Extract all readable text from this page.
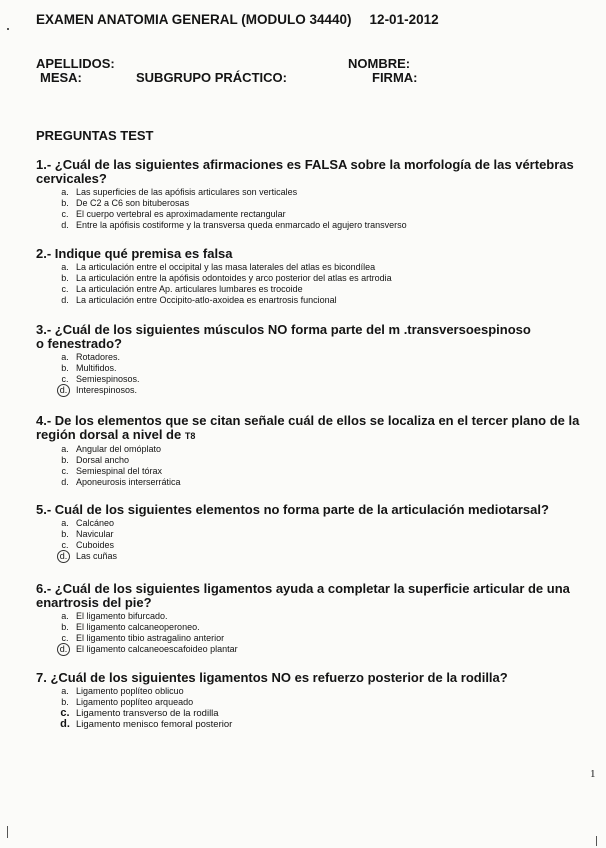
EXAMEN ANATOMIA GENERAL (MODULO 34440) 12-01-2012
APELLIDOS:	NOMBRE:
MESA:	SUBGRUPO PRÁCTICO:	FIRMA:
PREGUNTAS TEST

1.- ¿Cuál de las siguientes afirmaciones es FALSA sobre la morfología de las vértebras cervicales?

a. Las superficies de las apófisis articulares son verticales
b. De C2 a C6 son bituberosas
c. El cuerpo vertebral es aproximadamente rectangular
d. Entre la apófisis costiforme y la transversa queda enmarcado el agujero transverso

2.- Indique qué premisa es falsa

a. La articulación entre el occipital y las masa laterales del atlas es bicondílea
b. La articulación entre la apófisis odontoides y arco posterior del atlas es artrodia
c. La articulación entre Ap. articulares lumbares es trocoide
d. La articulación entre Occipito-atlo-axoidea es enartrosis funcional

3.- ¿Cuál de los siguientes músculos NO forma parte del m .transversoespinoso o fenestrado?

a. Rotadores.
b. Multifidos.
c. Semiespinosos.
d. Interespinosos.

4.- De los elementos que se citan señale cuál de ellos se localiza en el tercer plano de la región dorsal a nivel de T8

a. Angular del omóplato
b. Dorsal ancho
c. Semiespinal del tórax
d. Aponeurosis interserrática

5.- Cuál de los siguientes elementos no forma parte de la articulación mediotarsal?

a. Calcáneo
b. Navicular
c. Cuboides
d. Las cuñas

6.- ¿Cuál de los siguientes ligamentos ayuda a completar la superficie articular de una enartrosis del pie?

a. El ligamento bifurcado.
b. El ligamento calcaneoperoneo.
c. El ligamento tibio astragalino anterior
d. El ligamento calcaneoescafoideo plantar

7. ¿Cuál de los siguientes ligamentos NO es refuerzo posterior de la rodilla?

a. Ligamento poplíteo oblicuo
b. Ligamento poplíteo arqueado
c. Ligamento transverso de la rodilla
d. Ligamento menisco femoral posterior
1
